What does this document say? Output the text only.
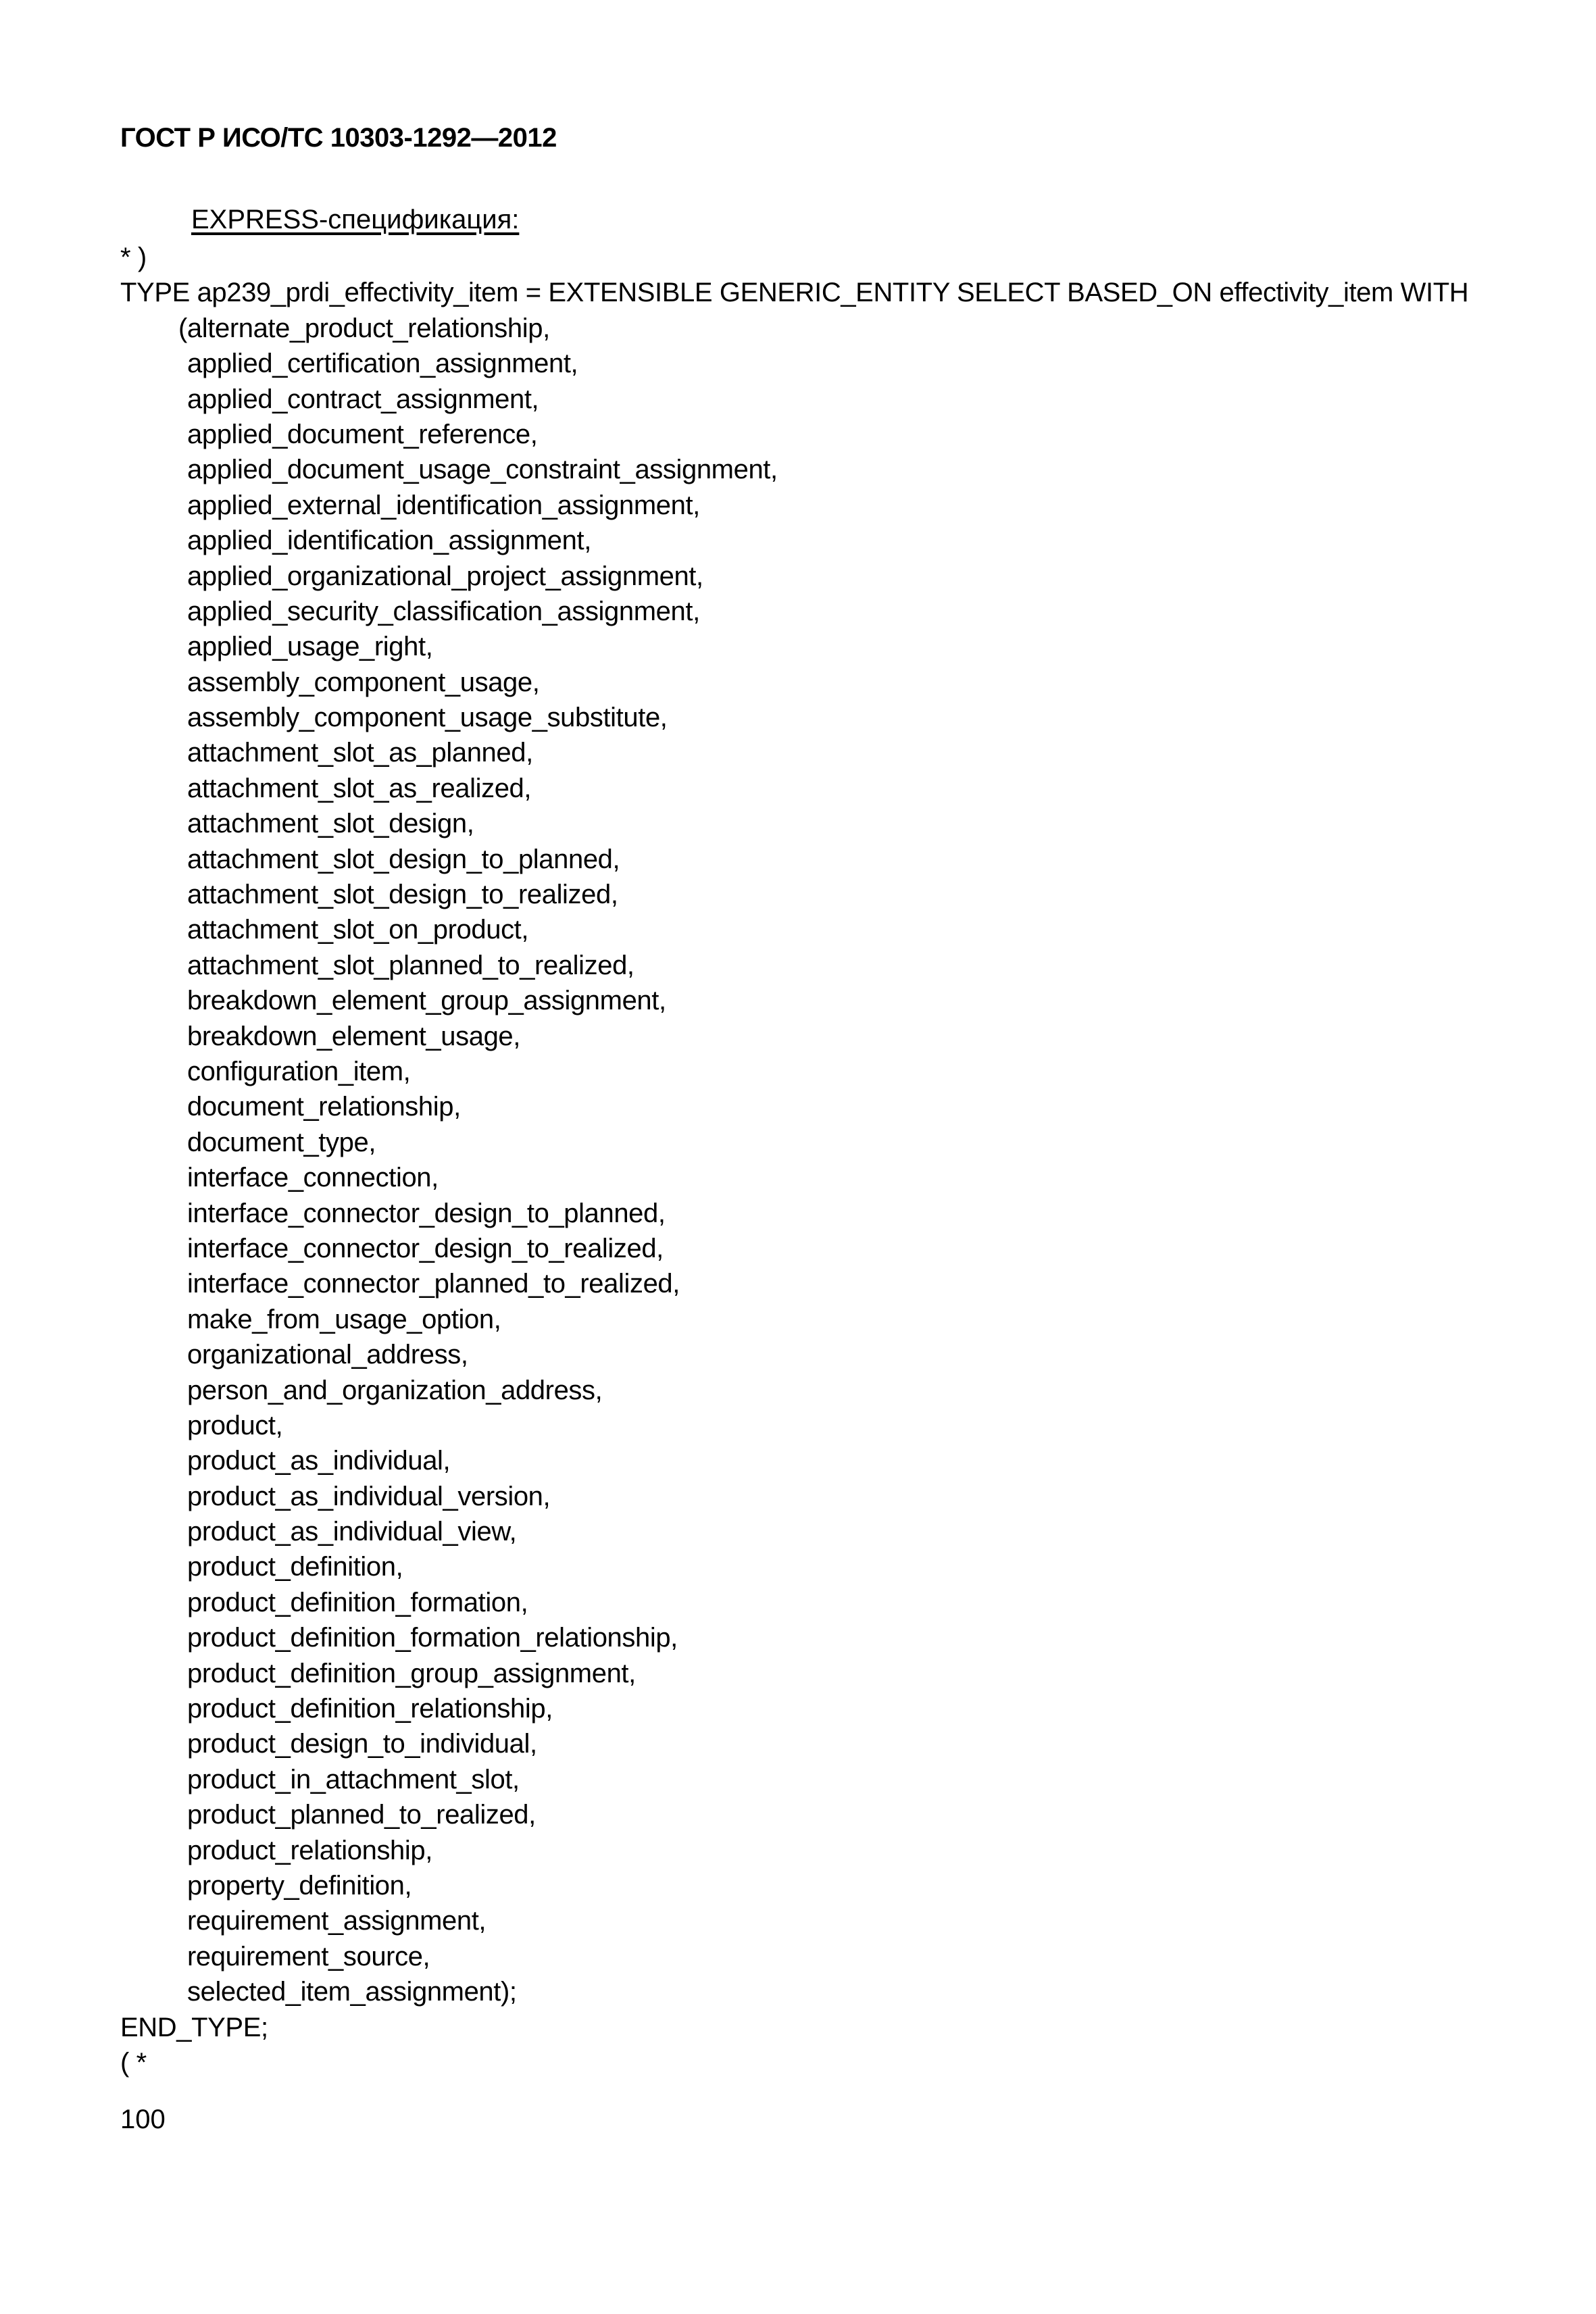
ГОСТ Р ИСО/ТС 10303-1292—2012
EXPRESS-спецификация:
* )
TYPE ap239_prdi_effectivity_item = EXTENSIBLE GENERIC_ENTITY SELECT BASED_ON effectivity_item WITH
(alternate_product_relationship,
applied_certification_assignment,
applied_contract_assignment,
applied_document_reference,
applied_document_usage_constraint_assignment,
applied_external_identification_assignment,
applied_identification_assignment,
applied_organizational_project_assignment,
applied_security_classification_assignment,
applied_usage_right,
assembly_component_usage,
assembly_component_usage_substitute,
attachment_slot_as_planned,
attachment_slot_as_realized,
attachment_slot_design,
attachment_slot_design_to_planned,
attachment_slot_design_to_realized,
attachment_slot_on_product,
attachment_slot_planned_to_realized,
breakdown_element_group_assignment,
breakdown_element_usage,
configuration_item,
document_relationship,
document_type,
interface_connection,
interface_connector_design_to_planned,
interface_connector_design_to_realized,
interface_connector_planned_to_realized,
make_from_usage_option,
organizational_address,
person_and_organization_address,
product,
product_as_individual,
product_as_individual_version,
product_as_individual_view,
product_definition,
product_definition_formation,
product_definition_formation_relationship,
product_definition_group_assignment,
product_definition_relationship,
product_design_to_individual,
product_in_attachment_slot,
product_planned_to_realized,
product_relationship,
property_definition,
requirement_assignment,
requirement_source,
selected_item_assignment);
END_TYPE;
( *
100
